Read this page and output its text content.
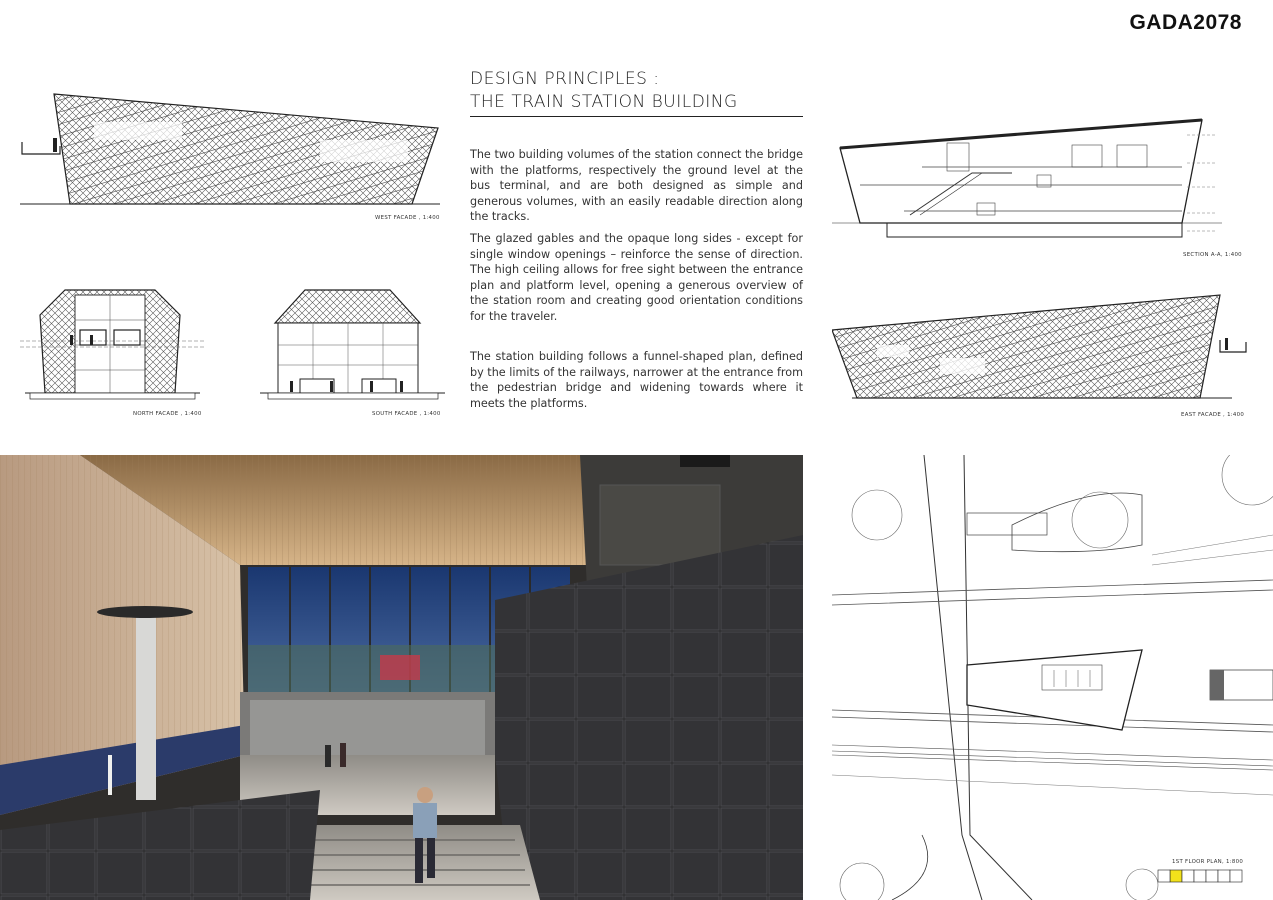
GADA2078
WEST FACADE , 1:400
NORTH FACADE , 1:400	SOUTH FACADE , 1:400
DESIGN PRINCIPLES :
THE TRAIN STATION BUILDING
The two building volumes of the station connect the bridge with the platforms, respectively the ground level at the bus terminal, and are both designed as simple and generous volumes, with an easily readable direction along the tracks.
The glazed gables and the opaque long sides - except for single window openings – reinforce the sense of direction. The high ceiling allows for free sight between the entrance plan and platform level, opening a generous overview of the station room and creating good orientation conditions for the traveler.
The station building follows a funnel-shaped plan, defined by the limits of the railways, narrower at the entrance from the pedestrian bridge and widening towards where it meets the platforms.
SECTION A-A, 1:400
EAST FACADE , 1:400
1ST FLOOR PLAN, 1:800
